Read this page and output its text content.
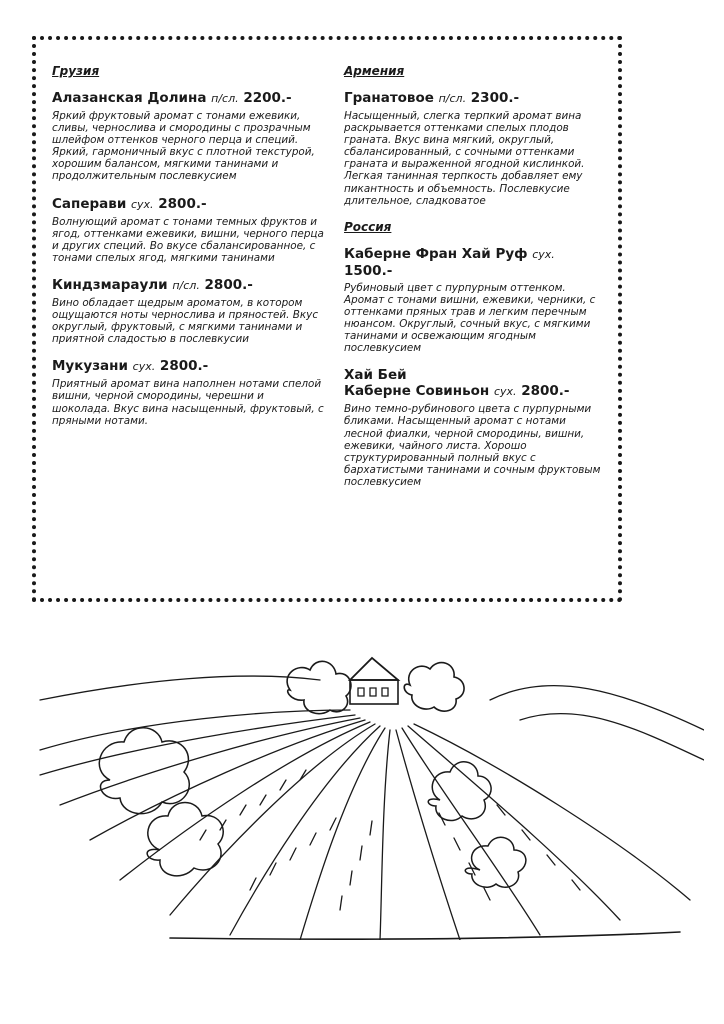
Грузия
Алазанская Долина п/сл. 2200.-
Яркий фруктовый аромат с тонами ежевики, сливы, чернослива и смородины с прозрачным шлейфом оттенков черного перца и специй. Яркий, гармоничный вкус с плотной текстурой, хорошим балансом, мягкими танинами и продолжительным послевкусием
Саперави сух. 2800.-
Волнующий аромат с тонами темных фруктов и ягод, оттенками ежевики, вишни, черного перца и других специй. Во вкусе сбалансированное, с тонами спелых ягод, мягкими танинами
Киндзмараули п/сл. 2800.-
Вино обладает щедрым ароматом, в котором ощущаются ноты чернослива и пряностей. Вкус округлый, фруктовый, с мягкими танинами и приятной сладостью в послевкусии
Мукузани сух. 2800.-
Приятный аромат вина наполнен нотами спелой вишни, черной смородины, черешни и шоколада. Вкус вина насыщенный, фруктовый, с пряными нотами.
Армения
Гранатовое п/сл. 2300.-
Насыщенный, слегка терпкий аромат вина раскрывается оттенками спелых плодов граната. Вкус вина мягкий, округлый, сбалансированный, с сочными оттенками граната и выраженной ягодной кислинкой. Легкая танинная терпкость добавляет ему пикантность и объемность. Послевкусие длительное, сладковатое
Россия
Каберне Фран Хай Руф сух. 1500.-
Рубиновый цвет с пурпурным оттенком. Аромат с тонами вишни, ежевики, черники, с оттенками пряных трав и легким перечным нюансом. Округлый, сочный вкус, с мягкими танинами и освежающим ягодным послевкусием
Хай Бей
Каберне Совиньон сух. 2800.-
Вино темно-рубинового цвета с пурпурными бликами. Насыщенный аромат с нотами лесной фиалки, черной смородины, вишни, ежевики, чайного листа. Хорошо структурированный полный вкус с бархатистыми танинами и сочным фруктовым послевкусием
